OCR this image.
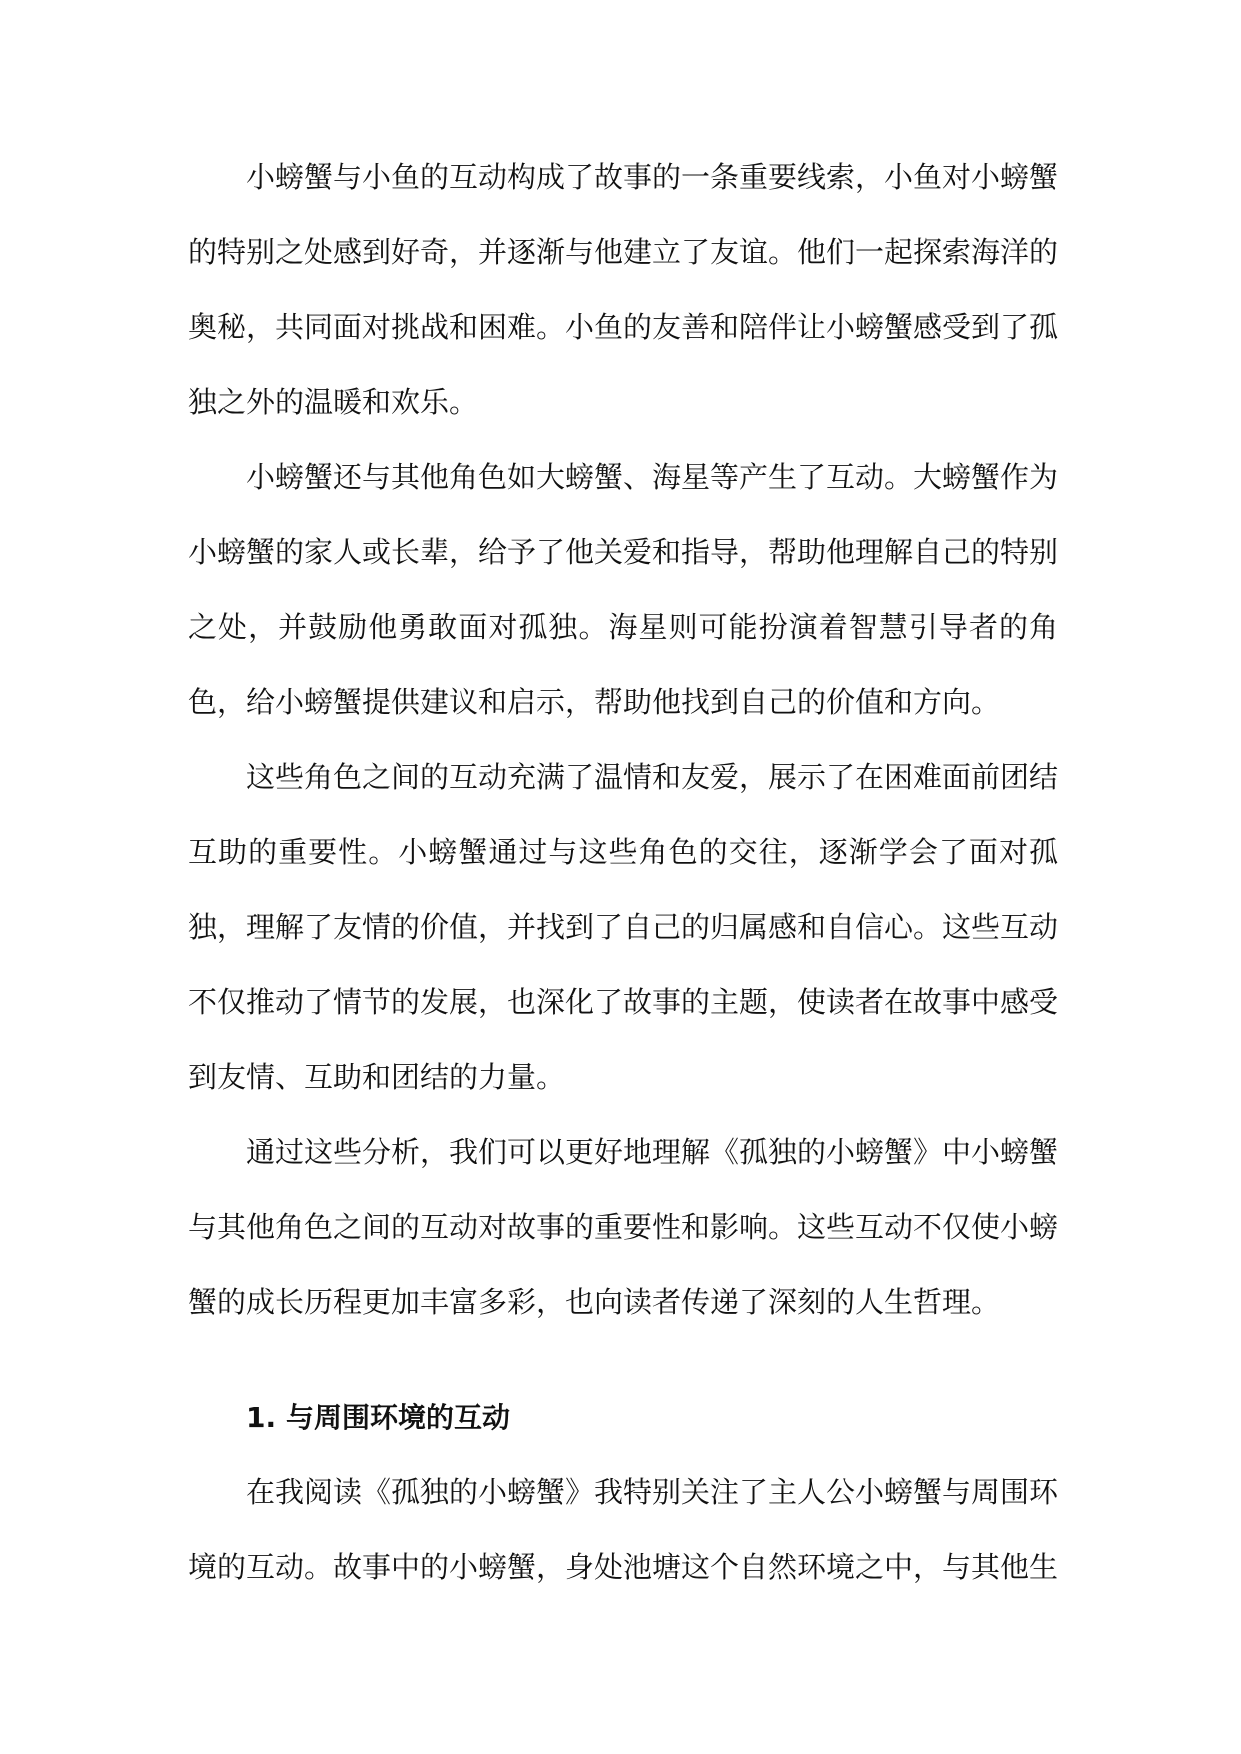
小螃蟹与小鱼的互动构成了故事的一条重要线索，小鱼对小螃蟹的特别之处感到好奇，并逐渐与他建立了友谊。他们一起探索海洋的奥秘，共同面对挑战和困难。小鱼的友善和陪伴让小螃蟹感受到了孤独之外的温暖和欢乐。

小螃蟹还与其他角色如大螃蟹、海星等产生了互动。大螃蟹作为小螃蟹的家人或长辈，给予了他关爱和指导，帮助他理解自己的特别之处，并鼓励他勇敢面对孤独。海星则可能扮演着智慧引导者的角色，给小螃蟹提供建议和启示，帮助他找到自己的价值和方向。

这些角色之间的互动充满了温情和友爱，展示了在困难面前团结互助的重要性。小螃蟹通过与这些角色的交往，逐渐学会了面对孤独，理解了友情的价值，并找到了自己的归属感和自信心。这些互动不仅推动了情节的发展，也深化了故事的主题，使读者在故事中感受到友情、互助和团结的力量。

通过这些分析，我们可以更好地理解《孤独的小螃蟹》中小螃蟹与其他角色之间的互动对故事的重要性和影响。这些互动不仅使小螃蟹的成长历程更加丰富多彩，也向读者传递了深刻的人生哲理。

1. 与周围环境的互动

在我阅读《孤独的小螃蟹》我特别关注了主人公小螃蟹与周围环境的互动。故事中的小螃蟹，身处池塘这个自然环境之中，与其他生
